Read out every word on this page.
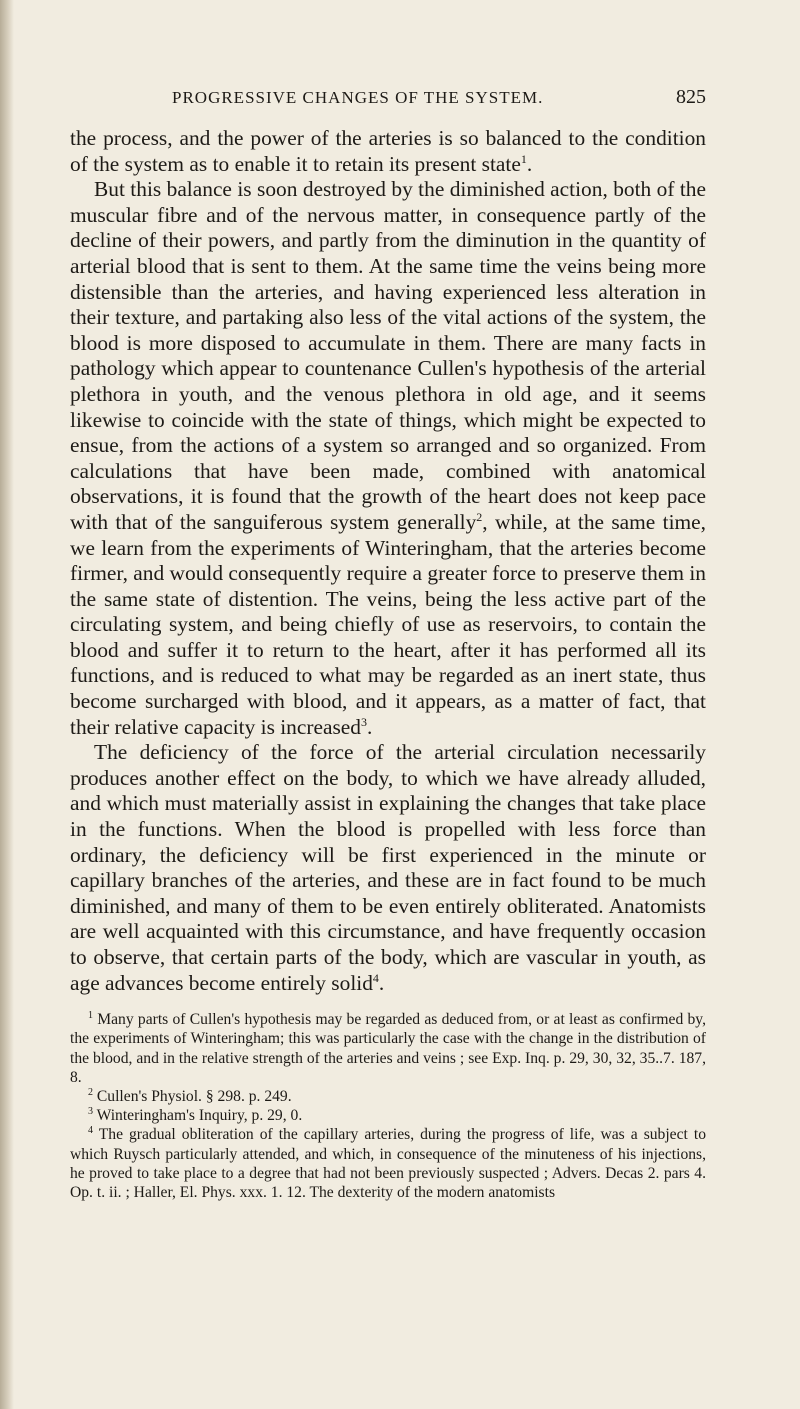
PROGRESSIVE CHANGES OF THE SYSTEM.	825

the process, and the power of the arteries is so balanced to the condition of the system as to enable it to retain its present state$^1$.

But this balance is soon destroyed by the diminished action, both of the muscular fibre and of the nervous matter, in consequence partly of the decline of their powers, and partly from the diminution in the quantity of arterial blood that is sent to them. At the same time the veins being more distensible than the arteries, and having experienced less alteration in their texture, and partaking also less of the vital actions of the system, the blood is more disposed to accumulate in them. There are many facts in pathology which appear to countenance Cullen's hypothesis of the arterial plethora in youth, and the venous plethora in old age, and it seems likewise to coincide with the state of things, which might be expected to ensue, from the actions of a system so arranged and so organized. From calculations that have been made, combined with anatomical observations, it is found that the growth of the heart does not keep pace with that of the sanguiferous system generally$^2$, while, at the same time, we learn from the experiments of Winteringham, that the arteries become firmer, and would consequently require a greater force to preserve them in the same state of distention. The veins, being the less active part of the circulating system, and being chiefly of use as reservoirs, to contain the blood and suffer it to return to the heart, after it has performed all its functions, and is reduced to what may be regarded as an inert state, thus become surcharged with blood, and it appears, as a matter of fact, that their relative capacity is increased$^3$.

The deficiency of the force of the arterial circulation necessarily produces another effect on the body, to which we have already alluded, and which must materially assist in explaining the changes that take place in the functions. When the blood is propelled with less force than ordinary, the deficiency will be first experienced in the minute or capillary branches of the arteries, and these are in fact found to be much diminished, and many of them to be even entirely obliterated. Anatomists are well acquainted with this circumstance, and have frequently occasion to observe, that certain parts of the body, which are vascular in youth, as age advances become entirely solid$^4$.

$^1$ Many parts of Cullen's hypothesis may be regarded as deduced from, or at least as confirmed by, the experiments of Winteringham; this was particularly the case with the change in the distribution of the blood, and in the relative strength of the arteries and veins ; see Exp. Inq. p. 29, 30, 32, 35..7. 187, 8.

$^2$ Cullen's Physiol. § 298. p. 249.

$^3$ Winteringham's Inquiry, p. 29, 0.

$^4$ The gradual obliteration of the capillary arteries, during the progress of life, was a subject to which Ruysch particularly attended, and which, in consequence of the minuteness of his injections, he proved to take place to a degree that had not been previously suspected ; Advers. Decas 2. pars 4. Op. t. ii. ; Haller, El. Phys. xxx. 1. 12. The dexterity of the modern anatomists
